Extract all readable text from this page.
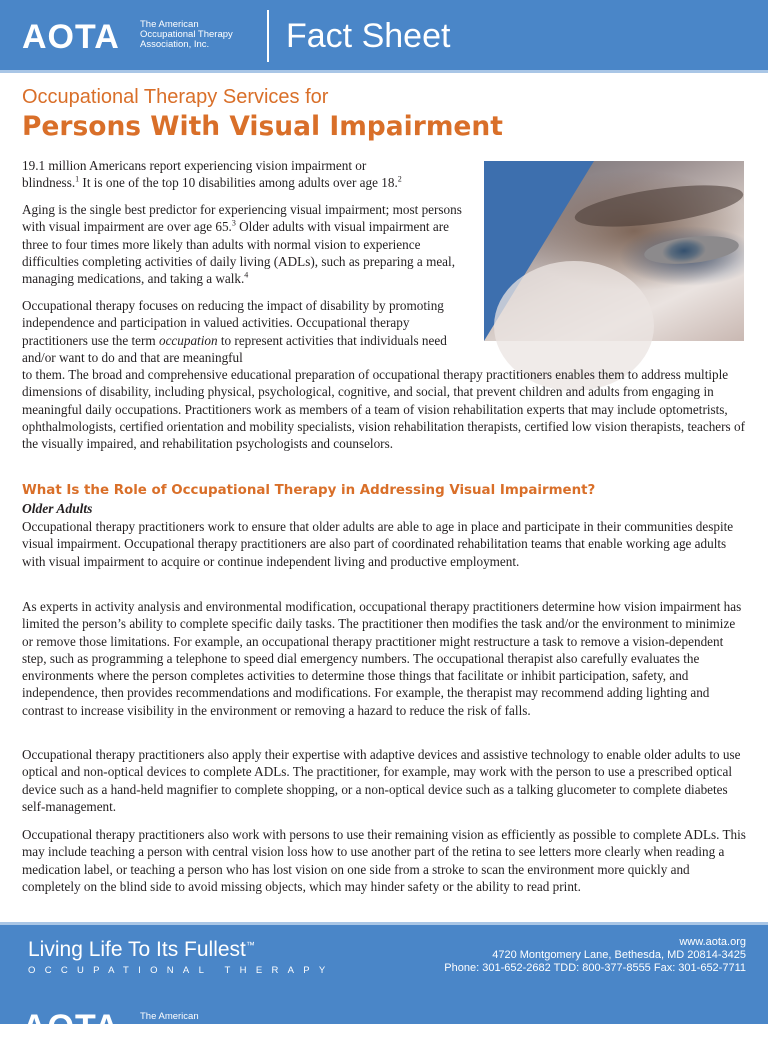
AOTA The American
Occupational Therapy
Association, Inc.	Fact Sheet
Occupational Therapy Services for
Persons With Visual Impairment

19.1 million Americans report experiencing vision impairment or
blindness.$^1$ It is one of the top 10 disabilities among adults over age 18.$^2$

Aging is the single best predictor for experiencing visual impairment; most persons with visual impairment are over age 65.$^3$ Older adults with visual impairment are three to four times more likely than adults with normal vision to experience difficulties completing activities of daily living (ADLs), such as preparing a meal, managing medications, and taking a walk.$^4$

Occupational therapy focuses on reducing the impact of disability by promoting independence and participation in valued activities. Occupational therapy practitioners use the term occupation to represent activities that individuals need and/or want to do and that are meaningful

to them. The broad and comprehensive educational preparation of occupational therapy practitioners enables them to address multiple dimensions of disability, including physical, psychological, cognitive, and social, that prevent children and adults from engaging in meaningful daily occupations. Practitioners work as members of a team of vision rehabilitation experts that may include optometrists, ophthalmologists, certified orientation and mobility specialists, vision rehabilitation therapists, certified low vision therapists, teachers of the visually impaired, and rehabilitation psychologists and counselors.

What Is the Role of Occupational Therapy in Addressing Visual Impairment?
Older Adults

Occupational therapy practitioners work to ensure that older adults are able to age in place and participate in their communities despite visual impairment. Occupational therapy practitioners are also part of coordinated rehabilitation teams that enable working age adults with visual impairment to acquire or continue independent living and productive employment.

As experts in activity analysis and environmental modification, occupational therapy practitioners determine how vision impairment has limited the person’s ability to complete specific daily tasks. The practitioner then modifies the task and/or the environment to minimize or remove those limitations. For example, an occupational therapy practitioner might restructure a task to remove a vision-dependent step, such as programming a telephone to speed dial emergency numbers. The occupational therapist also carefully evaluates the environments where the person completes activities to determine those things that facilitate or inhibit participation, safety, and independence, then provides recommendations and modifications. For example, the therapist may recommend adding lighting and contrast to increase visibility in the environment or removing a hazard to reduce the risk of falls.

Occupational therapy practitioners also apply their expertise with adaptive devices and assistive technology to enable older adults to use optical and non-optical devices to complete ADLs. The practitioner, for example, may work with the person to use a prescribed optical device such as a hand-held magnifier to complete shopping, or a non-optical device such as a talking glucometer to complete diabetes self-management.

Occupational therapy practitioners also work with persons to use their remaining vision as efficiently as possible to complete ADLs. This may include teaching a person with central vision loss how to use another part of the retina to see letters more clearly when reading a medication label, or teaching a person who has lost vision on one side from a stroke to scan the environment more quickly and completely on the blind side to avoid missing objects, which may hinder safety or the ability to read print.

Living Life To Its Fullest™
OCCUPATIONAL THERAPY
www.aota.org
4720 Montgomery Lane, Bethesda, MD 20814-3425
Phone: 301-652-2682 TDD: 800-377-8555 Fax: 301-652-7711
AOTA The American
